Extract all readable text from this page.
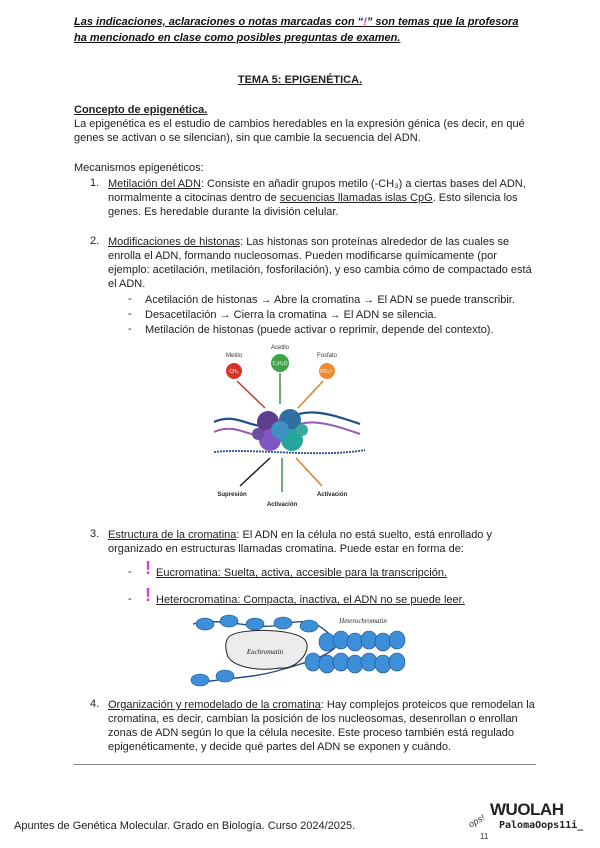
Las indicaciones, aclaraciones o notas marcadas con “!” son temas que la profesora ha mencionado en clase como posibles preguntas de examen.
TEMA 5: EPIGENÉTICA.
Concepto de epigenética.
La epigenética es el estudio de cambios heredables en la expresión génica (es decir, en qué genes se activan o se silencian), sin que cambie la secuencia del ADN.
Mecanismos epigenéticos:
1. Metilación del ADN: Consiste en añadir grupos metilo (-CH₃) a ciertas bases del ADN, normalmente a citocinas dentro de secuencias llamadas islas CpG. Esto silencia los genes. Es heredable durante la división celular.
2. Modificaciones de histonas: Las histonas son proteínas alrededor de las cuales se enrolla el ADN, formando nucleosomas. Pueden modificarse químicamente (por ejemplo: acetilación, metilación, fosforilación), y eso cambia cómo de compactado está el ADN.
- Acetilación de histonas → Abre la cromatina → El ADN se puede transcribir.
- Desacetilación → Cierra la cromatina → El ADN se silencia.
- Metilación de histonas (puede activar o reprimir, depende del contexto).
Metilo
CH₃
Acetilo
C₂H₃O
Fosfato
PO₄³⁻
Supresión
Activación
Activación
3. Estructura de la cromatina: El ADN en la célula no está suelto, está enrollado y organizado en estructuras llamadas cromatina. Puede estar en forma de:
- ! Eucromatina: Suelta, activa, accesible para la transcripción.
- ! Heterocromatina: Compacta, inactiva, el ADN no se puede leer.
Euchromatin
Heterochromatin
4. Organización y remodelado de la cromatina: Hay complejos proteicos que remodelan la cromatina, es decir, cambian la posición de los nucleosomas, desenrollan o enrollan zonas de ADN según lo que la célula necesite. Este proceso también está regulado epigenéticamente, y decide qué partes del ADN se exponen y cuándo.
Apuntes de Genética Molecular. Grado en Biología. Curso 2024/2025.
WUOLAH
ops!
11
PalomaOops11i_
